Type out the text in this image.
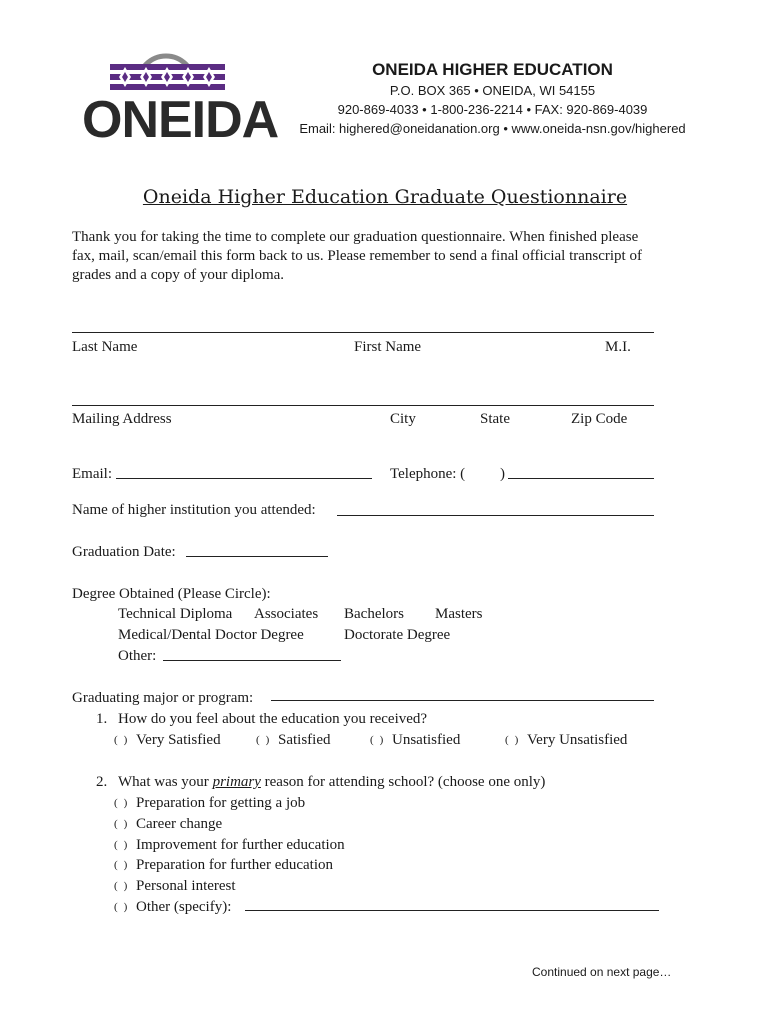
ONEIDA
ONEIDA HIGHER EDUCATION
P.O. BOX 365 • ONEIDA, WI 54155
920-869-4033 • 1-800-236-2214 • FAX: 920-869-4039
Email: highered@oneidanation.org • www.oneida-nsn.gov/highered
Oneida Higher Education Graduate Questionnaire
Thank you for taking the time to complete our graduation questionnaire. When finished please
fax, mail, scan/email this form back to us. Please remember to send a final official transcript of
grades and a copy of your diploma.
Last Name	First Name	M.I.
Mailing Address	City	State	Zip Code
Email:	Telephone: ( )
Name of higher institution you attended:
Graduation Date:
Degree Obtained (Please Circle):
Technical Diploma Associates Bachelors Masters
Medical/Dental Doctor Degree	Doctorate Degree
Other:
Graduating major or program:
1. How do you feel about the education you received?
() Very Satisfied	() Satisfied	() Unsatisfied	() Very Unsatisfied
2. What was your primary reason for attending school? (choose one only)
() Preparation for getting a job
() Career change
() Improvement for further education
() Preparation for further education
() Personal interest
() Other (specify):
Continued on next page…
